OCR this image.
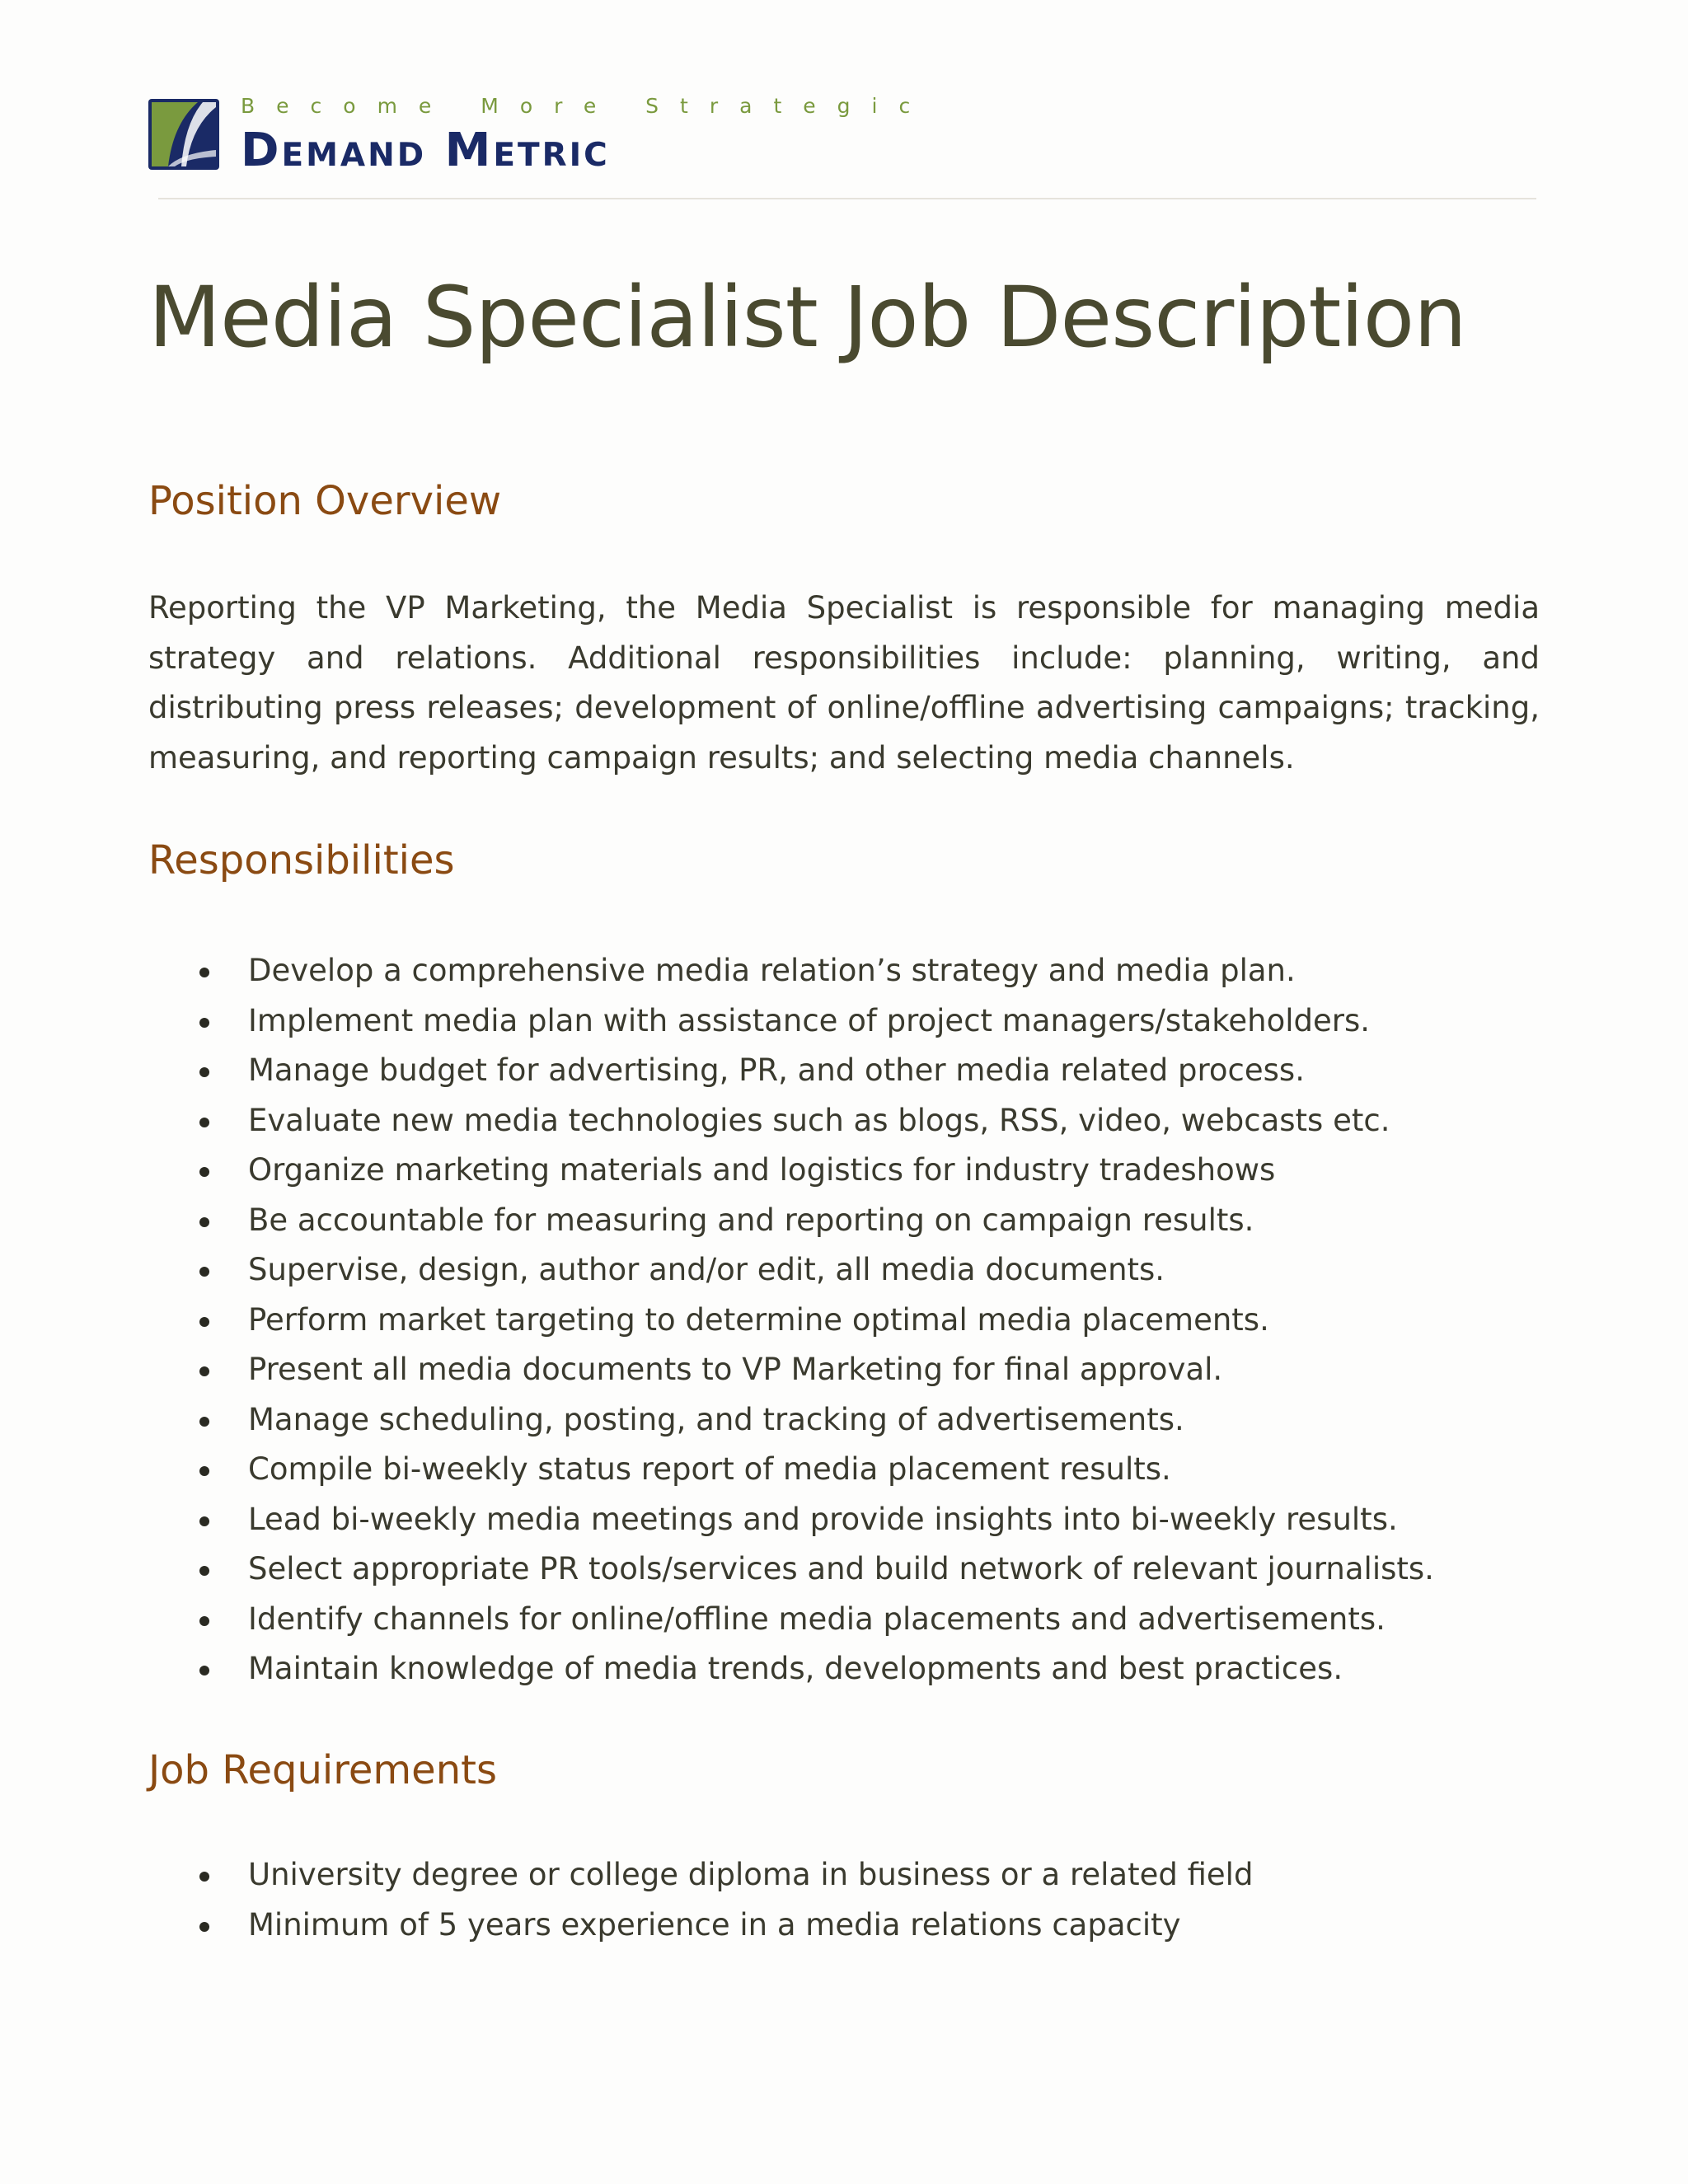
Become More Strategic
Demand Metric
Media Specialist Job Description
Position Overview

Reporting the VP Marketing, the Media Specialist is responsible for managing media strategy and relations. Additional responsibilities include: planning, writing, and distributing press releases; development of online/offline advertising campaigns; tracking, measuring, and reporting campaign results; and selecting media channels.

Responsibilities
Develop a comprehensive media relation’s strategy and media plan.
Implement media plan with assistance of project managers/stakeholders.
Manage budget for advertising, PR, and other media related process.
Evaluate new media technologies such as blogs, RSS, video, webcasts etc.
Organize marketing materials and logistics for industry tradeshows
Be accountable for measuring and reporting on campaign results.
Supervise, design, author and/or edit, all media documents.
Perform market targeting to determine optimal media placements.
Present all media documents to VP Marketing for final approval.
Manage scheduling, posting, and tracking of advertisements.
Compile bi-weekly status report of media placement results.
Lead bi-weekly media meetings and provide insights into bi-weekly results.
Select appropriate PR tools/services and build network of relevant journalists.
Identify channels for online/offline media placements and advertisements.
Maintain knowledge of media trends, developments and best practices.
Job Requirements
University degree or college diploma in business or a related field
Minimum of 5 years experience in a media relations capacity
